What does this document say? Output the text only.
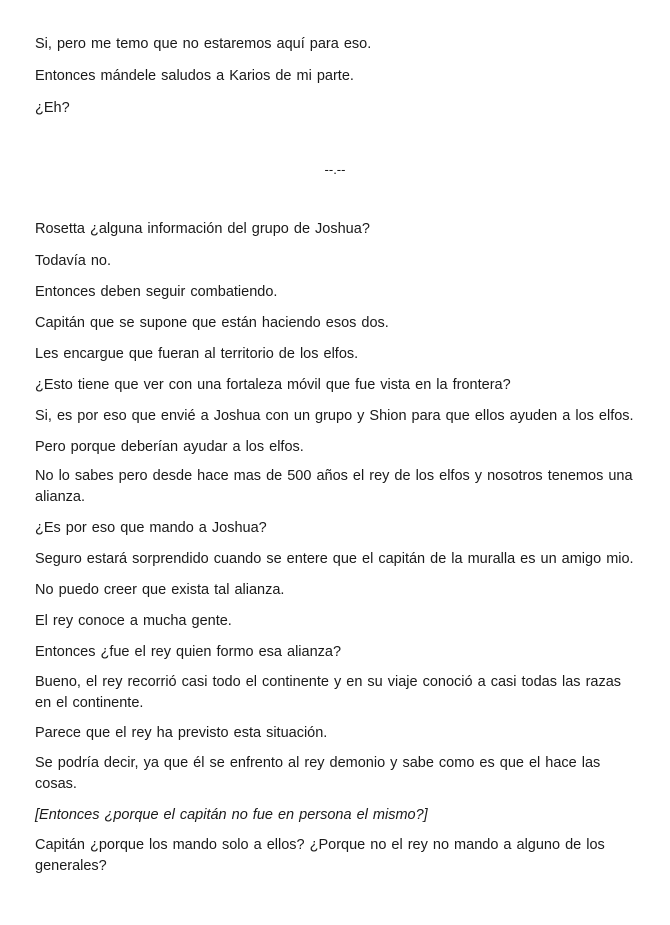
Si, pero me temo que no estaremos aquí para eso.
Entonces mándele saludos a Karios de mi parte.
¿Eh?
--.--
Rosetta ¿alguna información del grupo de Joshua?
Todavía no.
Entonces deben seguir combatiendo.
Capitán que se supone que están haciendo esos dos.
Les encargue que fueran al territorio de los elfos.
¿Esto tiene que ver con una fortaleza móvil que fue vista en la frontera?
Si, es por eso que envié a Joshua con un grupo y Shion para que ellos ayuden a los elfos.
Pero porque deberían ayudar a los elfos.
No lo sabes pero desde hace mas de 500 años el rey de los elfos y nosotros tenemos una alianza.
¿Es por eso que mando a Joshua?
Seguro estará sorprendido cuando se entere que el capitán de la muralla es un amigo mio.
No puedo creer que exista tal alianza.
El rey conoce a mucha gente.
Entonces ¿fue el rey quien formo esa alianza?
Bueno, el rey recorrió casi todo el continente y en su viaje conoció a casi todas las razas en el continente.
Parece que el rey ha previsto esta situación.
Se podría decir, ya que él se enfrento al rey demonio y sabe como es que el hace las cosas.
[Entonces ¿porque el capitán no fue en persona el mismo?]
Capitán ¿porque los mando solo a ellos? ¿Porque no el rey no mando a alguno de los generales?
